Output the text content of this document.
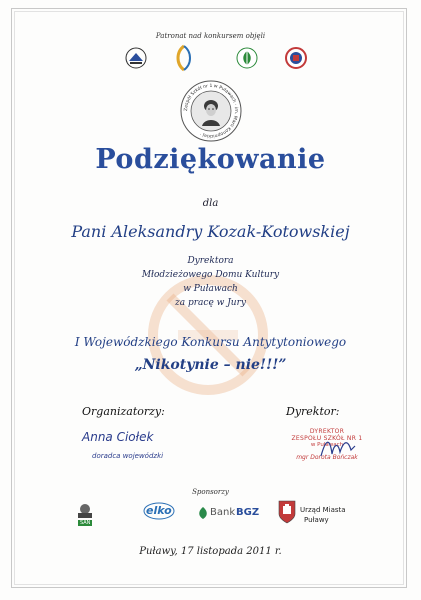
Patronat nad konkursem objęli
Zespół Szkół nr 1 w Puławach · im. Marii Konopnickiej ·
Podziękowanie
dla
Pani Aleksandry Kozak-Kotowskiej
Dyrektora
Młodzieżowego Domu Kultury
w Puławach
za pracę w Jury
I Wojewódzkiego Konkursu Antytytoniowego
„Nikotynie – nie!!!”
Organizatorzy:	Dyrektor:
Anna Ciołek
doradca wojewódzki
DYREKTOR
ZESPOŁU SZKÓŁ NR 1
w Puławach
mgr Dorota Bończak
Sponsorzy
SAN
elko	Bank BGZ	Urząd Miasta
Puławy
Puławy, 17 listopada 2011 r.
